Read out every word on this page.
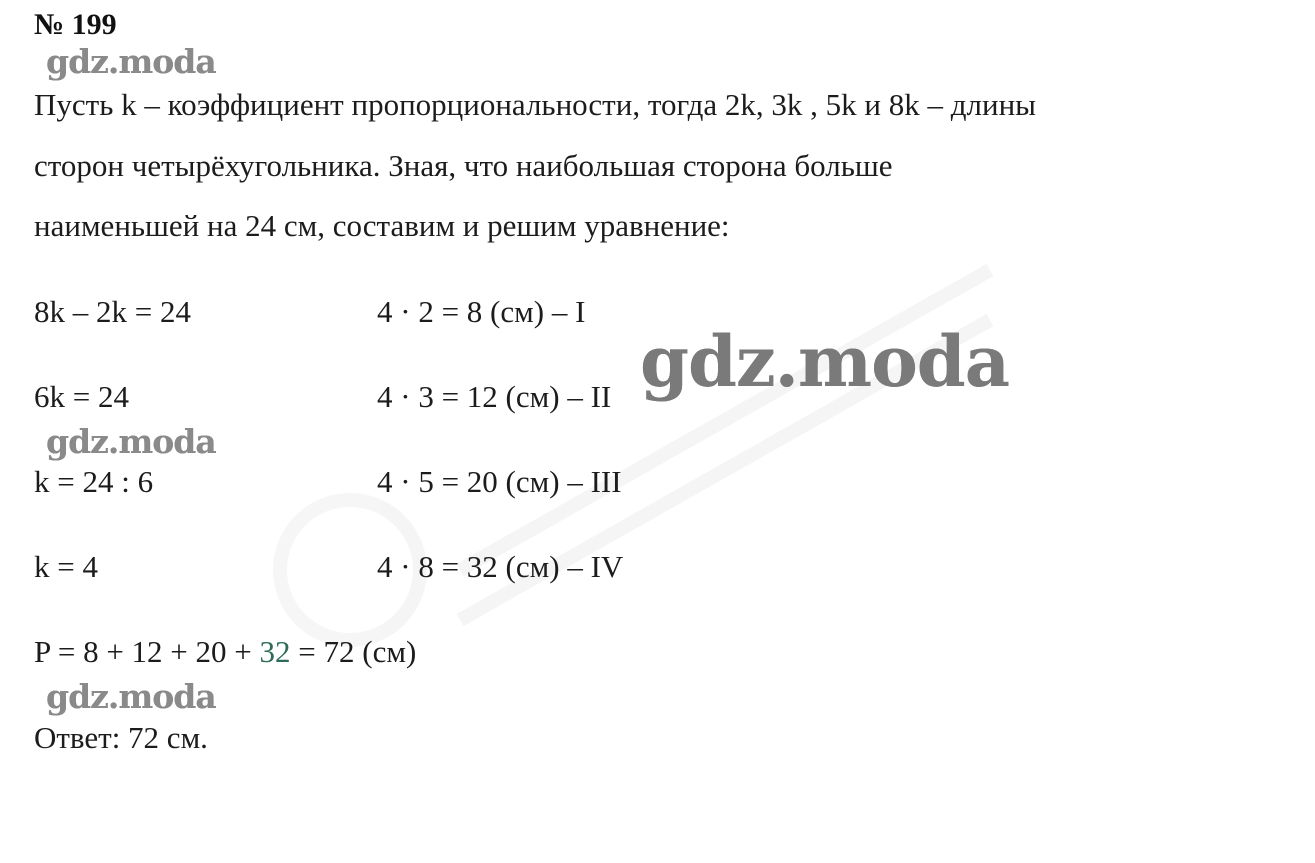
№ 199
gdz.moda
Пусть k – коэффициент пропорциональности, тогда 2k, 3k , 5k и 8k – длины
сторон четырёхугольника. Зная, что наибольшая сторона больше
наименьшей на 24 см, составим и решим уравнение:
8k – 2k = 24
6k = 24
gdz.moda
k = 24 : 6
k = 4
4 · 2 = 8 (см) – I
4 · 3 = 12 (см) – II
4 · 5 = 20 (см) – III
4 · 8 = 32 (см) – IV
gdz.moda
P = 8 + 12 + 20 + 32 = 72 (см)
gdz.moda
Ответ: 72 см.
